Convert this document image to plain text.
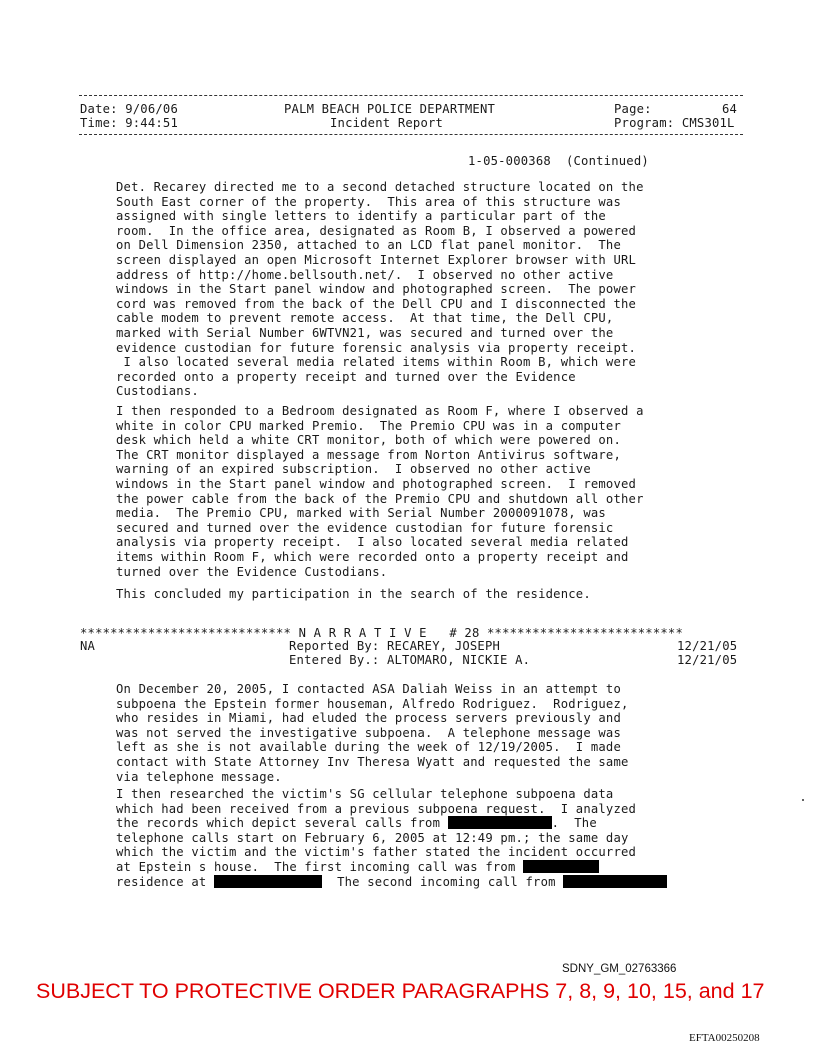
Date: 9/06/06
Time: 9:44:51
PALM BEACH POLICE DEPARTMENT
Incident Report
Page:	64
Program: CMS301L
1-05-000368  (Continued)
Det. Recarey directed me to a second detached structure located on the
South East corner of the property.  This area of this structure was
assigned with single letters to identify a particular part of the
room.  In the office area, designated as Room B, I observed a powered
on Dell Dimension 2350, attached to an LCD flat panel monitor.  The
screen displayed an open Microsoft Internet Explorer browser with URL
address of http://home.bellsouth.net/.  I observed no other active
windows in the Start panel window and photographed screen.  The power
cord was removed from the back of the Dell CPU and I disconnected the
cable modem to prevent remote access.  At that time, the Dell CPU,
marked with Serial Number 6WTVN21, was secured and turned over the
evidence custodian for future forensic analysis via property receipt.
I also located several media related items within Room B, which were
recorded onto a property receipt and turned over the Evidence
Custodians.
I then responded to a Bedroom designated as Room F, where I observed a
white in color CPU marked Premio.  The Premio CPU was in a computer
desk which held a white CRT monitor, both of which were powered on.
The CRT monitor displayed a message from Norton Antivirus software,
warning of an expired subscription.  I observed no other active
windows in the Start panel window and photographed screen.  I removed
the power cable from the back of the Premio CPU and shutdown all other
media.  The Premio CPU, marked with Serial Number 2000091078, was
secured and turned over the evidence custodian for future forensic
analysis via property receipt.  I also located several media related
items within Room F, which were recorded onto a property receipt and
turned over the Evidence Custodians.
This concluded my participation in the search of the residence.
**************************** N A R R A T I V E   # 28 **************************
NA	Reported By: RECAREY, JOSEPH	12/21/05
Entered By.: ALTOMARO, NICKIE A.	12/21/05
On December 20, 2005, I contacted ASA Daliah Weiss in an attempt to
subpoena the Epstein former houseman, Alfredo Rodriguez.  Rodriguez,
who resides in Miami, had eluded the process servers previously and
was not served the investigative subpoena.  A telephone message was
left as she is not available during the week of 12/19/2005.  I made
contact with State Attorney Inv Theresa Wyatt and requested the same
via telephone message.
I then researched the victim's SG cellular telephone subpoena data
which had been received from a previous subpoena request.  I analyzed
the records which depict several calls from	.  The
telephone calls start on February 6, 2005 at 12:49 pm.; the same day
which the victim and the victim's father stated the incident occurred
at Epstein s house.  The first incoming call was from
residence at	The second incoming call from
SDNY_GM_02763366
SUBJECT TO PROTECTIVE ORDER PARAGRAPHS 7, 8, 9, 10, 15, and 17
EFTA00250208
